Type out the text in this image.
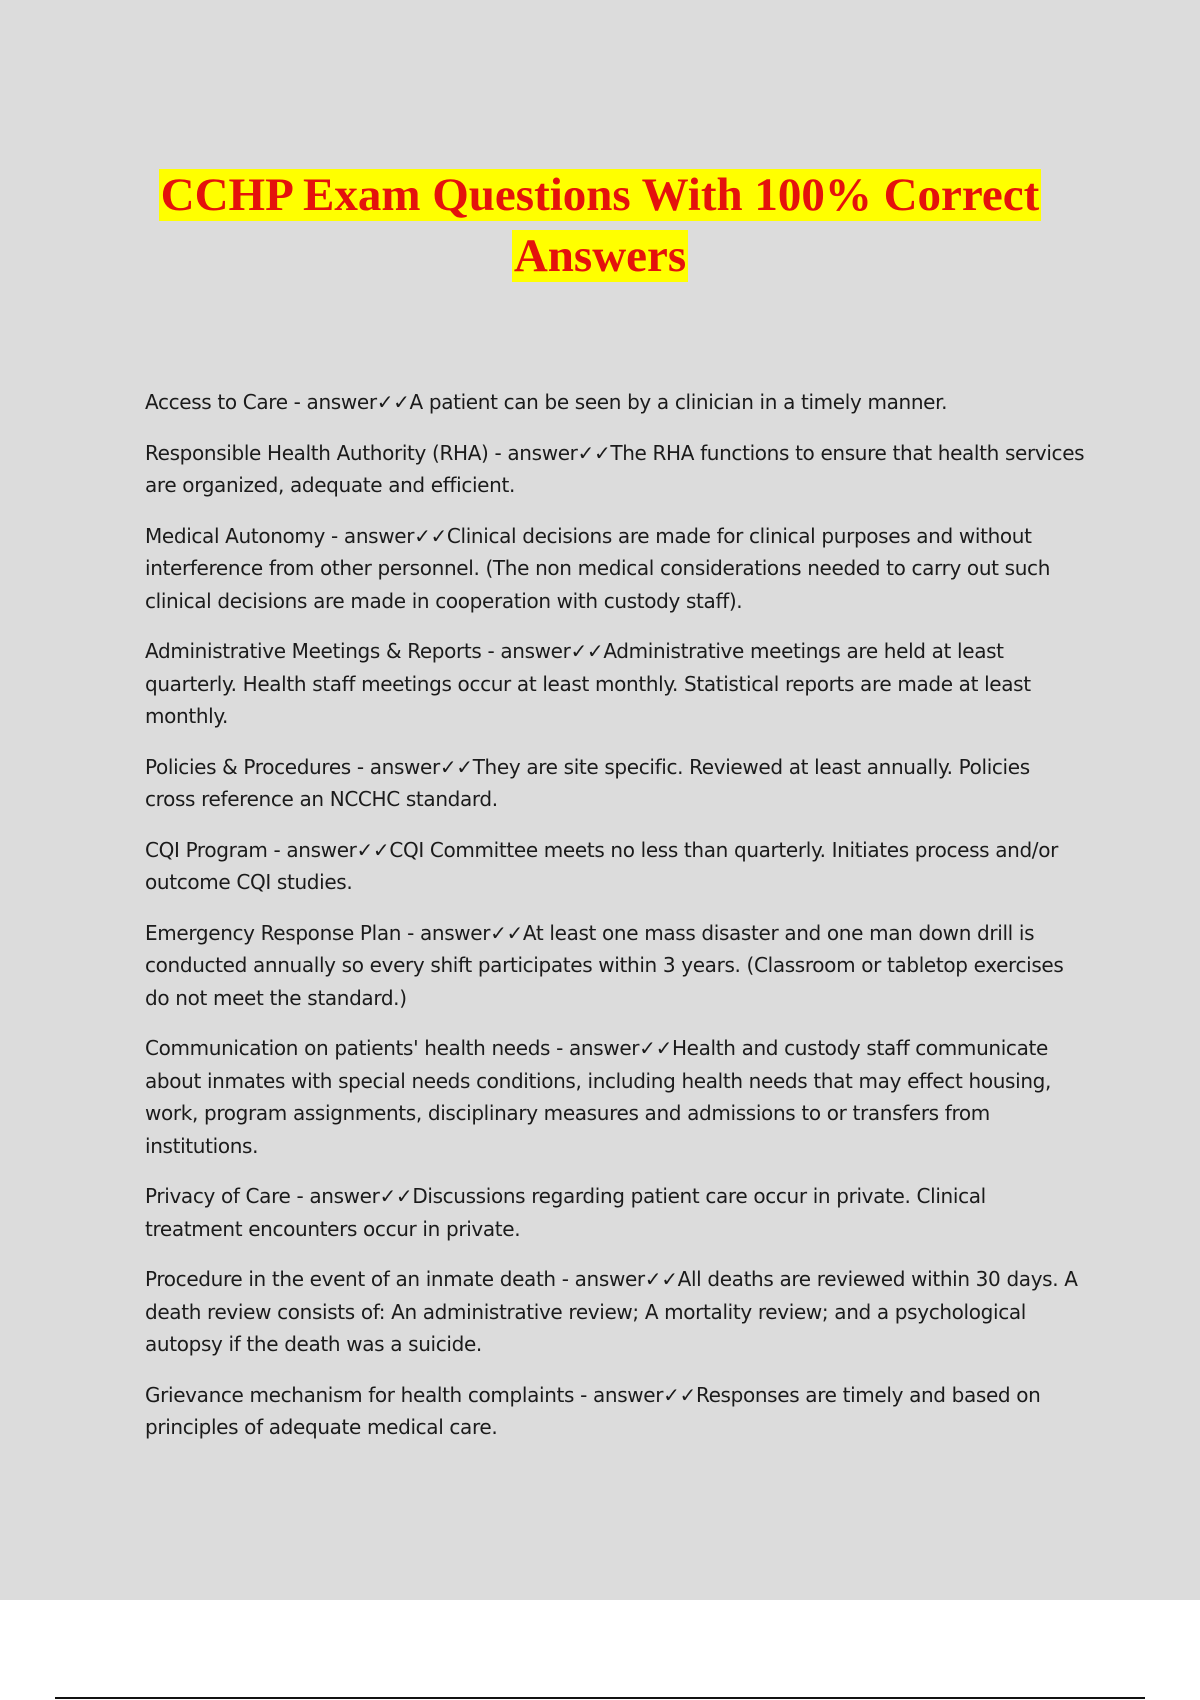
CCHP Exam Questions With 100% Correct
Answers
Access to Care - answer✓✓A patient can be seen by a clinician in a timely manner.
Responsible Health Authority (RHA) - answer✓✓The RHA functions to ensure that health services are organized, adequate and efficient.
Medical Autonomy - answer✓✓Clinical decisions are made for clinical purposes and without interference from other personnel. (The non medical considerations needed to carry out such clinical decisions are made in cooperation with custody staff).
Administrative Meetings & Reports - answer✓✓Administrative meetings are held at least quarterly. Health staff meetings occur at least monthly. Statistical reports are made at least monthly.
Policies & Procedures - answer✓✓They are site specific. Reviewed at least annually. Policies cross reference an NCCHC standard.
CQI Program - answer✓✓CQI Committee meets no less than quarterly. Initiates process and/or outcome CQI studies.
Emergency Response Plan - answer✓✓At least one mass disaster and one man down drill is conducted annually so every shift participates within 3 years. (Classroom or tabletop exercises do not meet the standard.)
Communication on patients' health needs - answer✓✓Health and custody staff communicate about inmates with special needs conditions, including health needs that may effect housing, work, program assignments, disciplinary measures and admissions to or transfers from institutions.
Privacy of Care - answer✓✓Discussions regarding patient care occur in private. Clinical treatment encounters occur in private.
Procedure in the event of an inmate death - answer✓✓All deaths are reviewed within 30 days. A death review consists of: An administrative review; A mortality review; and a psychological autopsy if the death was a suicide.
Grievance mechanism for health complaints - answer✓✓Responses are timely and based on principles of adequate medical care.
